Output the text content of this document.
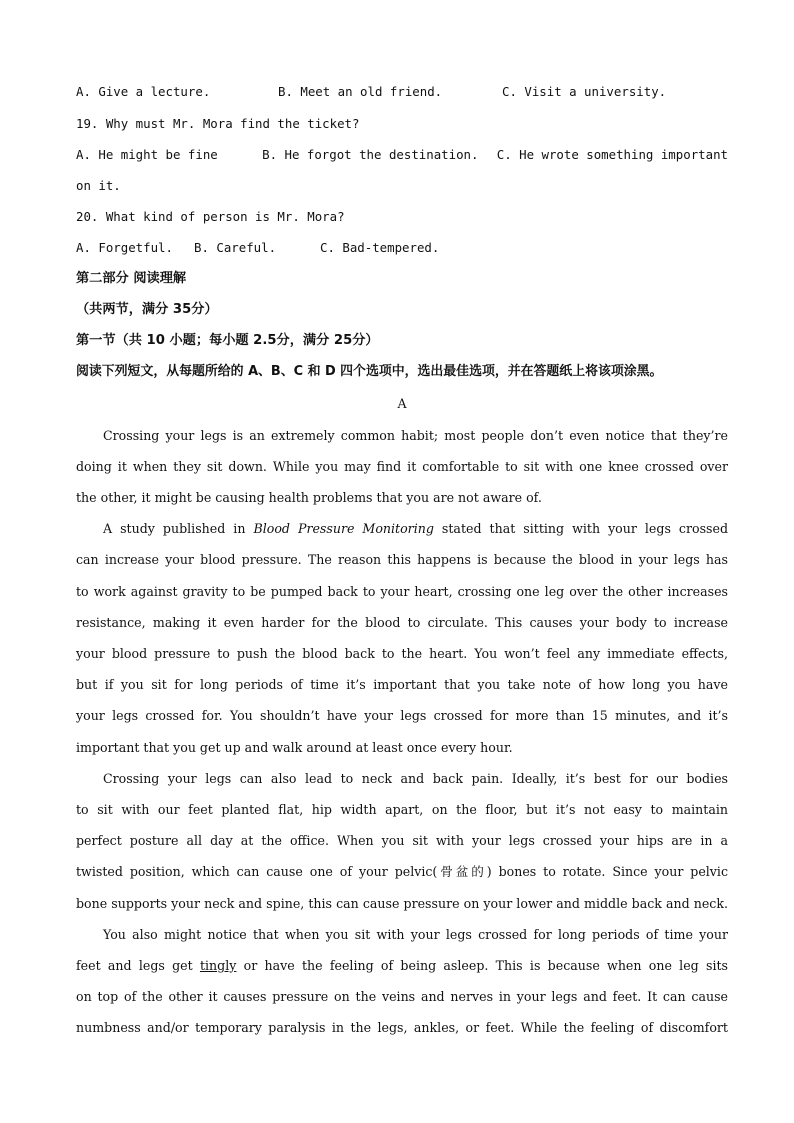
A. Give a lecture.	B. Meet an old friend.	C. Visit a university.
19. Why must Mr. Mora find the ticket?
A. He might be fine	B. He forgot the destination.	C. He wrote something important
on it.
20. What kind of person is Mr. Mora?
A. Forgetful.	B. Careful.	C. Bad-tempered.
第二部分 阅读理解
（共两节，满分 35分）
第一节（共 10 小题；每小题 2.5分，满分 25分）
阅读下列短文，从每题所给的 A、B、C 和 D 四个选项中，选出最佳选项，并在答题纸上将该项涂黑。
A
Crossing your legs is an extremely common habit; most people don’t even notice that they’re
doing it when they sit down. While you may find it comfortable to sit with one knee crossed over
the other, it might be causing health problems that you are not aware of.
A study published in Blood Pressure Monitoring stated that sitting with your legs crossed
can increase your blood pressure. The reason this happens is because the blood in your legs has
to work against gravity to be pumped back to your heart, crossing one leg over the other increases
resistance, making it even harder for the blood to circulate. This causes your body to increase
your blood pressure to push the blood back to the heart. You won’t feel any immediate effects,
but if you sit for long periods of time it’s important that you take note of how long you have
your legs crossed for. You shouldn’t have your legs crossed for more than 15 minutes, and it’s
important that you get up and walk around at least once every hour.
Crossing your legs can also lead to neck and back pain. Ideally, it’s best for our bodies
to sit with our feet planted flat, hip width apart, on the floor, but it’s not easy to maintain
perfect posture all day at the office. When you sit with your legs crossed your hips are in a
twisted position, which can cause one of your pelvic(骨盆的) bones to rotate. Since your pelvic
bone supports your neck and spine, this can cause pressure on your lower and middle back and neck.
You also might notice that when you sit with your legs crossed for long periods of time your
feet and legs get tingly or have the feeling of being asleep. This is because when one leg sits
on top of the other it causes pressure on the veins and nerves in your legs and feet. It can cause
numbness and/or temporary paralysis in the legs, ankles, or feet. While the feeling of discomfort
